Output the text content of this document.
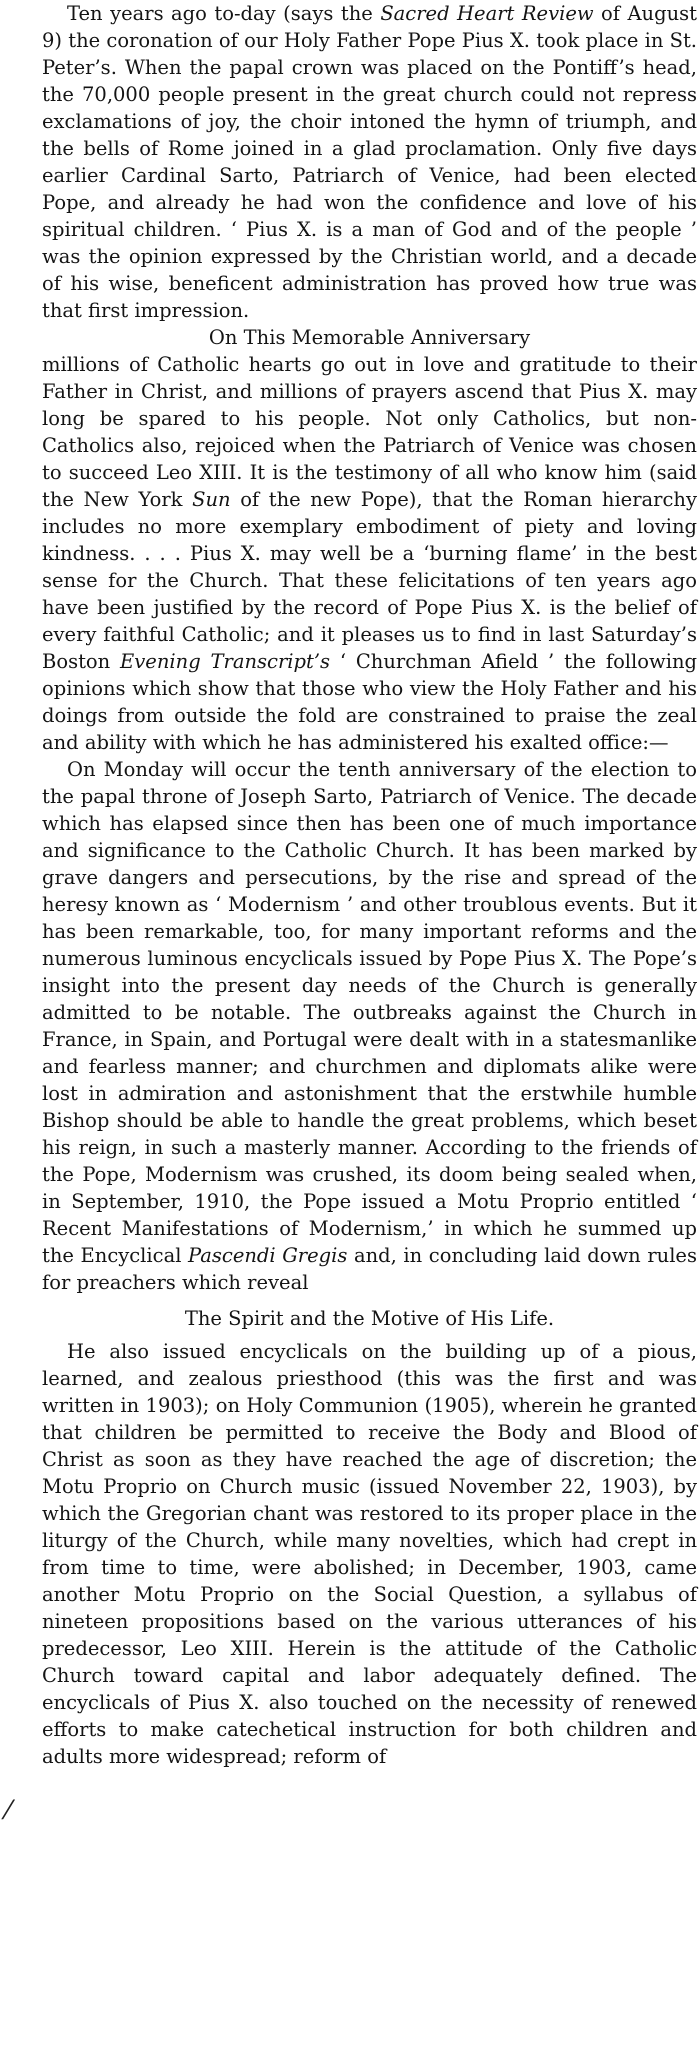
⁄

Ten years ago to-day (says the Sacred Heart Review of August 9) the coronation of our Holy Father Pope Pius X. took place in St. Peter’s. When the papal crown was placed on the Pontiff’s head, the 70,000 people present in the great church could not repress exclamations of joy, the choir intoned the hymn of triumph, and the bells of Rome joined in a glad proclamation. Only five days earlier Cardinal Sarto, Patriarch of Venice, had been elected Pope, and already he had won the confidence and love of his spiritual children. ‘ Pius X. is a man of God and of the people ’ was the opinion expressed by the Christian world, and a decade of his wise, beneficent administration has proved how true was that first impression.

On This Memorable Anniversary

millions of Catholic hearts go out in love and gratitude to their Father in Christ, and millions of prayers ascend that Pius X. may long be spared to his people. Not only Catholics, but non-Catholics also, rejoiced when the Patriarch of Venice was chosen to succeed Leo XIII. It is the testimony of all who know him (said the New York Sun of the new Pope), that the Roman hierarchy includes no more exemplary embodiment of piety and loving kindness. . . . Pius X. may well be a ‘burning flame’ in the best sense for the Church. That these felicitations of ten years ago have been justified by the record of Pope Pius X. is the belief of every faithful Catholic; and it pleases us to find in last Saturday’s Boston Evening Transcript’s ‘ Churchman Afield ’ the following opinions which show that those who view the Holy Father and his doings from outside the fold are constrained to praise the zeal and ability with which he has administered his exalted office:—

On Monday will occur the tenth anniversary of the election to the papal throne of Joseph Sarto, Patriarch of Venice. The decade which has elapsed since then has been one of much importance and significance to the Catholic Church. It has been marked by grave dangers and persecutions, by the rise and spread of the heresy known as ‘ Modernism ’ and other troublous events. But it has been remarkable, too, for many important reforms and the numerous luminous encyclicals issued by Pope Pius X. The Pope’s insight into the present day needs of the Church is generally admitted to be notable. The outbreaks against the Church in France, in Spain, and Portugal were dealt with in a statesmanlike and fearless manner; and churchmen and diplomats alike were lost in admiration and astonishment that the erstwhile humble Bishop should be able to handle the great problems, which beset his reign, in such a masterly manner. According to the friends of the Pope, Modernism was crushed, its doom being sealed when, in September, 1910, the Pope issued a Motu Proprio entitled ‘ Recent Manifestations of Modernism,’ in which he summed up the Encyclical Pascendi Gregis and, in concluding laid down rules for preachers which reveal

The Spirit and the Motive of His Life.

He also issued encyclicals on the building up of a pious, learned, and zealous priesthood (this was the first and was written in 1903); on Holy Communion (1905), wherein he granted that children be permitted to receive the Body and Blood of Christ as soon as they have reached the age of discretion; the Motu Proprio on Church music (issued November 22, 1903), by which the Gregorian chant was restored to its proper place in the liturgy of the Church, while many novelties, which had crept in from time to time, were abolished; in December, 1903, came another Motu Proprio on the Social Question, a syllabus of nineteen propositions based on the various utterances of his predecessor, Leo XIII. Herein is the attitude of the Catholic Church toward capital and labor adequately defined. The encyclicals of Pius X. also touched on the necessity of renewed efforts to make catechetical instruction for both children and adults more widespread; reform of
